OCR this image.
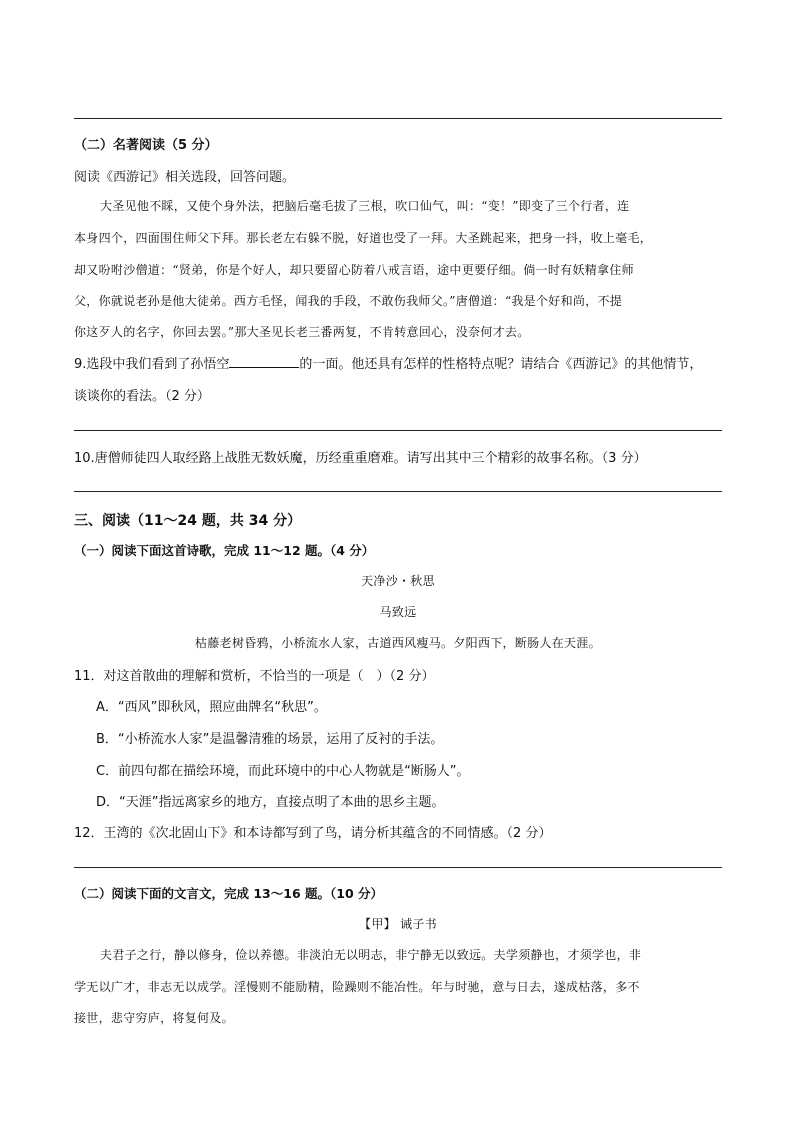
（二）名著阅读（5 分）
阅读《西游记》相关选段，回答问题。
大圣见他不睬，又使个身外法，把脑后毫毛拔了三根，吹口仙气，叫：“变！”即变了三个行者，连
本身四个，四面围住师父下拜。那长老左右躲不脱，好道也受了一拜。大圣跳起来，把身一抖，收上毫毛，
却又吩咐沙僧道：“贤弟，你是个好人，却只要留心防着八戒言语，途中更要仔细。倘一时有妖精拿住师
父，你就说老孙是他大徒弟。西方毛怪，闻我的手段，不敢伤我师父。”唐僧道：“我是个好和尚，不提
你这歹人的名字，你回去罢。”那大圣见长老三番两复，不肯转意回心，没奈何才去。
9.选段中我们看到了孙悟空	的一面。他还具有怎样的性格特点呢？请结合《西游记》的其他情节，
谈谈你的看法。（2 分）
10.唐僧师徒四人取经路上战胜无数妖魔，历经重重磨难。请写出其中三个精彩的故事名称。（3 分）
三、阅读（11～24 题，共 34 分）
（一）阅读下面这首诗歌，完成 11～12 题。（4 分）
天净沙・秋思
马致远
枯藤老树昏鸦，小桥流水人家，古道西风瘦马。夕阳西下，断肠人在天涯。
11．对这首散曲的理解和赏析，不恰当的一项是（　）（2 分）
A．“西风”即秋风，照应曲牌名“秋思”。
B．“小桥流水人家”是温馨清雅的场景，运用了反衬的手法。
C．前四句都在描绘环境，而此环境中的中心人物就是“断肠人”。
D．“天涯”指远离家乡的地方，直接点明了本曲的思乡主题。
12．王湾的《次北固山下》和本诗都写到了鸟，请分析其蕴含的不同情感。（2 分）
（二）阅读下面的文言文，完成 13～16 题。（10 分）
【甲】 诫子书
夫君子之行，静以修身，俭以养德。非淡泊无以明志，非宁静无以致远。夫学须静也，才须学也，非
学无以广才，非志无以成学。淫慢则不能励精，险躁则不能冶性。年与时驰，意与日去，遂成枯落，多不
接世，悲守穷庐，将复何及。
